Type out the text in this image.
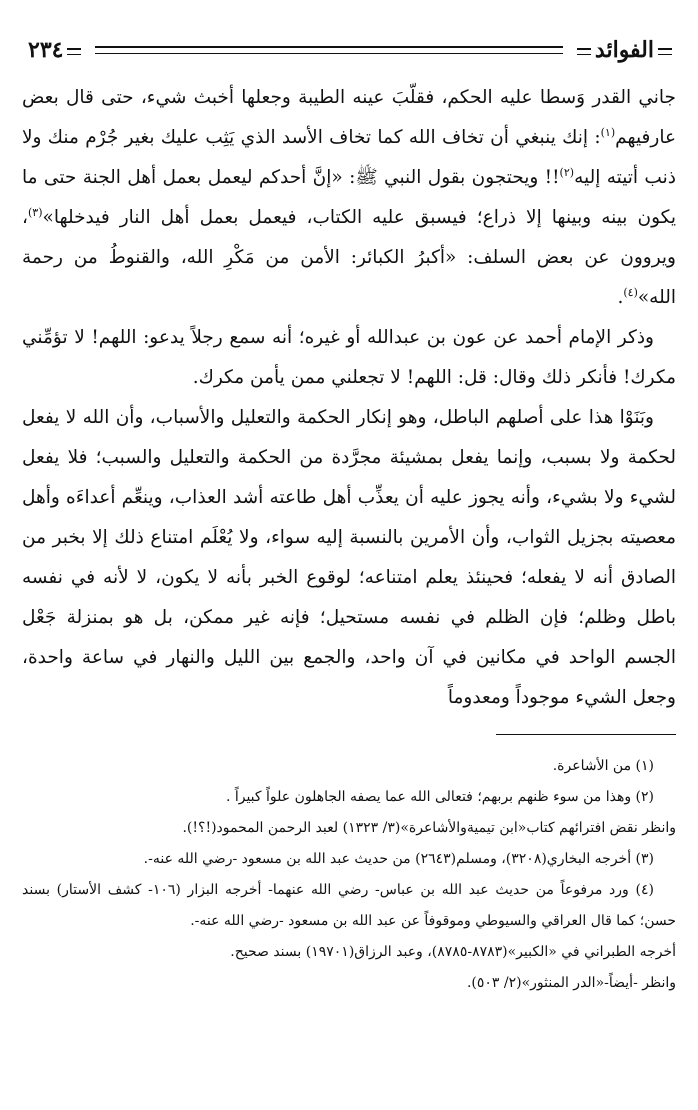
الفوائد
٢٣٤

جاني القدر وَسطا عليه الحكم، فقلّبَ عينه الطيبة وجعلها أخبث شيء، حتى قال بعض عارفيهم$^{(١)}$: إنك ينبغي أن تخاف الله كما تخاف الأسد الذي يَثِب عليك بغير جُرْم منك ولا ذنب أتيته إليه$^{(٢)}$!! ويحتجون بقول النبي ﷺ: «إنَّ أحدكم ليعمل بعمل أهل الجنة حتى ما يكون بينه وبينها إلا ذراع؛ فيسبق عليه الكتاب، فيعمل بعمل أهل النار فيدخلها»$^{(٣)}$، ويروون عن بعض السلف: «أكبرُ الكبائر: الأمن من مَكْرِ الله، والقنوطُ من رحمة الله»$^{(٤)}$.

وذكر الإمام أحمد عن عون بن عبدالله أو غيره؛ أنه سمع رجلاً يدعو: اللهم! لا تؤمِّني مكرك! فأنكر ذلك وقال: قل: اللهم! لا تجعلني ممن يأمن مكرك.

وبَنَوْا هذا على أصلهم الباطل، وهو إنكار الحكمة والتعليل والأسباب، وأن الله لا يفعل لحكمة ولا بسبب، وإنما يفعل بمشيئة مجرَّدة من الحكمة والتعليل والسبب؛ فلا يفعل لشيء ولا بشيء، وأنه يجوز عليه أن يعذِّب أهل طاعته أشد العذاب، وينعِّم أعداءَه وأهل معصيته بجزيل الثواب، وأن الأمرين بالنسبة إليه سواء، ولا يُعْلَم امتناع ذلك إلا بخبر من الصادق أنه لا يفعله؛ فحينئذ يعلم امتناعه؛ لوقوع الخبر بأنه لا يكون، لا لأنه في نفسه باطل وظلم؛ فإن الظلم في نفسه مستحيل؛ فإنه غير ممكن، بل هو بمنزلة جَعْل الجسم الواحد في مكانين في آن واحد، والجمع بين الليل والنهار في ساعة واحدة، وجعل الشيء موجوداً ومعدوماً

(١) من الأشاعرة.

(٢) وهذا من سوء ظنهم بربهم؛ فتعالى الله عما يصفه الجاهلون علواً كبيراً .

وانظر نقض افترائهم كتاب«ابن تيميةوالأشاعرة»(٣/ ١٣٢٣) لعبد الرحمن المحمود(!؟!).

(٣) أخرجه البخاري(٣٢٠٨)، ومسلم(٢٦٤٣) من حديث عبد الله بن مسعود -رضي الله عنه-.

(٤) ورد مرفوعاً من حديث عبد الله بن عباس- رضي الله عنهما- أخرجه البزار (١٠٦- كشف الأستار) بسند حسن؛ كما قال العراقي والسيوطي وموقوفاً عن عبد الله بن مسعود -رضي الله عنه-.

أخرجه الطبراني في «الكبير»(٨٧٨٣-٨٧٨٥)، وعبد الرزاق(١٩٧٠١) بسند صحيح.

وانظر -أيضاً-«الدر المنثور»(٢/ ٥٠٣).
